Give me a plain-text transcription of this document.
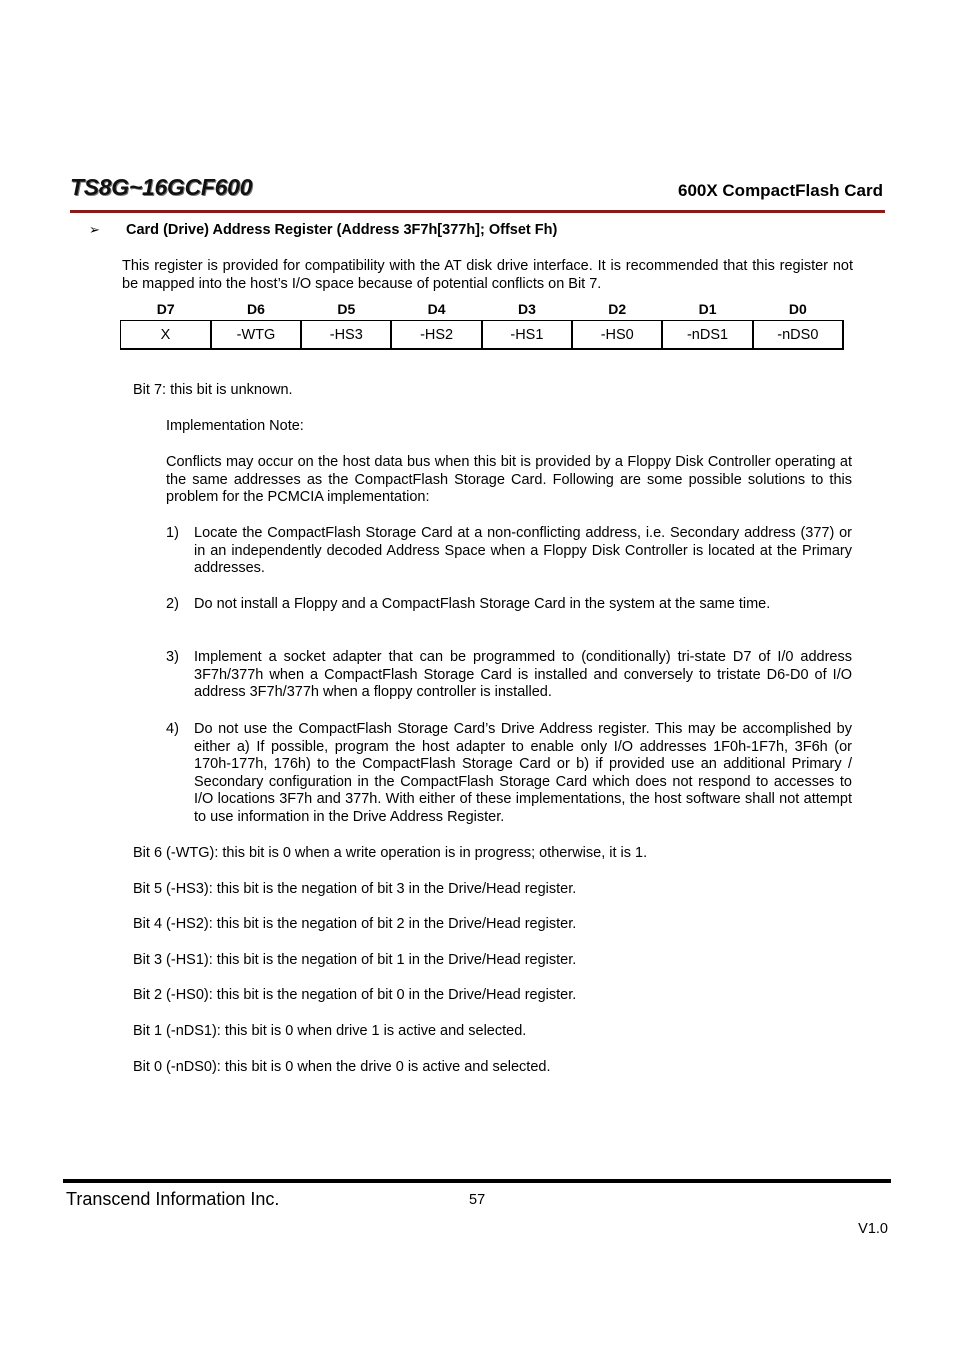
TS8G~16GCF600	600X CompactFlash Card
➢ Card (Drive) Address Register (Address 3F7h[377h]; Offset Fh)
This register is provided for compatibility with the AT disk drive interface. It is recommended that this register not be mapped into the host’s I/O space because of potential conflicts on Bit 7.
D7	D6	D5	D4	D3	D2	D1	D0
X	-WTG	-HS3	-HS2	-HS1	-HS0	-nDS1	-nDS0
Bit 7: this bit is unknown.
Implementation Note:
Conflicts may occur on the host data bus when this bit is provided by a Floppy Disk Controller operating at the same addresses as the CompactFlash Storage Card. Following are some possible solutions to this problem for the PCMCIA implementation:
1) Locate the CompactFlash Storage Card at a non-conflicting address, i.e. Secondary address (377) or in an independently decoded Address Space when a Floppy Disk Controller is located at the Primary addresses.
2) Do not install a Floppy and a CompactFlash Storage Card in the system at the same time.
3) Implement a socket adapter that can be programmed to (conditionally) tri-state D7 of I/0 address 3F7h/377h when a CompactFlash Storage Card is installed and conversely to tristate D6-D0 of I/O address 3F7h/377h when a floppy controller is installed.
4) Do not use the CompactFlash Storage Card’s Drive Address register. This may be accomplished by either a) If possible, program the host adapter to enable only I/O addresses 1F0h-1F7h, 3F6h (or 170h-177h, 176h) to the CompactFlash Storage Card or b) if provided use an additional Primary / Secondary configuration in the CompactFlash Storage Card which does not respond to accesses to I/O locations 3F7h and 377h. With either of these implementations, the host software shall not attempt to use information in the Drive Address Register.
Bit 6 (-WTG): this bit is 0 when a write operation is in progress; otherwise, it is 1.
Bit 5 (-HS3): this bit is the negation of bit 3 in the Drive/Head register.
Bit 4 (-HS2): this bit is the negation of bit 2 in the Drive/Head register.
Bit 3 (-HS1): this bit is the negation of bit 1 in the Drive/Head register.
Bit 2 (-HS0): this bit is the negation of bit 0 in the Drive/Head register.
Bit 1 (-nDS1): this bit is 0 when drive 1 is active and selected.
Bit 0 (-nDS0): this bit is 0 when the drive 0 is active and selected.
Transcend Information Inc.	57
V1.0
